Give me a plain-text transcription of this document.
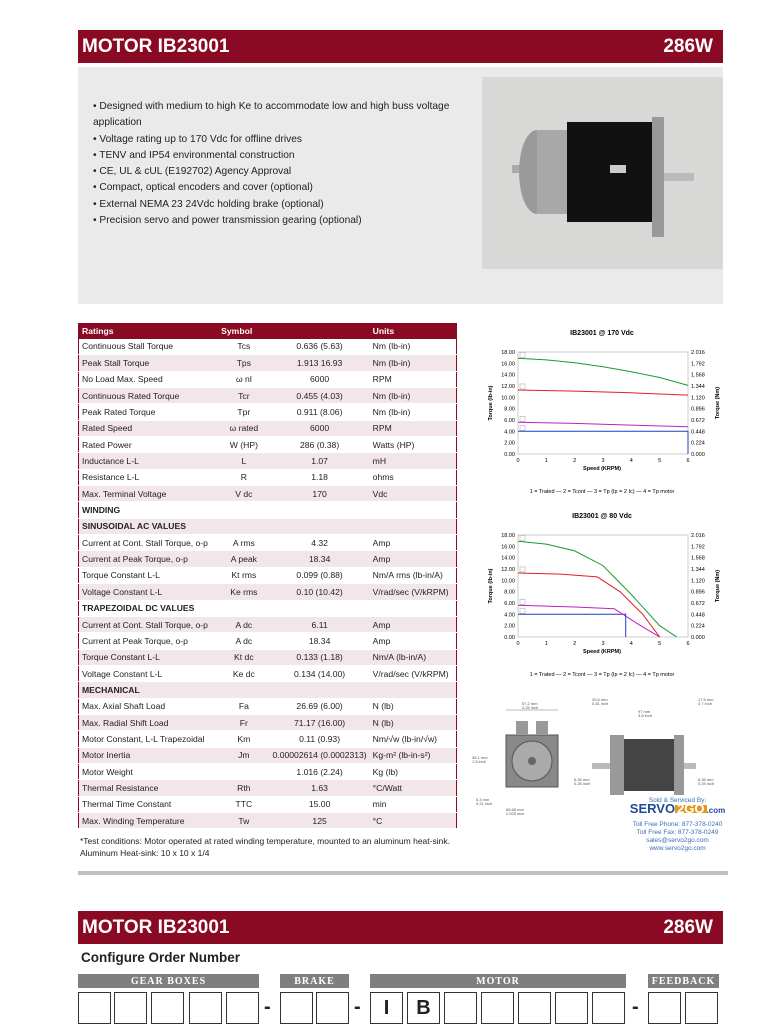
MOTOR IB23001	286W
• Designed with medium to high Ke to accommodate low and high buss voltage application
• Voltage rating up to 170 Vdc for offline drives
• TENV and IP54 environmental construction
• CE, UL & cUL (E192702) Agency Approval
• Compact, optical encoders and cover (optional)
• External NEMA 23 24Vdc holding brake (optional)
• Precision servo and power transmission gearing (optional)
Ratings	Symbol		Units
Continuous Stall Torque	Tcs	0.636 (5.63)	Nm (lb-in)
Peak Stall Torque	Tps	1.913 16.93	Nm (lb-in)
No Load Max. Speed	ω nl	6000	RPM
Continuous Rated Torque	Tcr	0.455 (4.03)	Nm (lb-in)
Peak Rated Torque	Tpr	0.911 (8.06)	Nm (lb-in)
Rated Speed	ω rated	6000	RPM
Rated Power	W (HP)	286 (0.38)	Watts (HP)
Inductance L-L	L	1.07	mH
Resistance L-L	R	1.18	ohms
Max. Terminal Voltage	V dc	170	Vdc
WINDING			
SINUSOIDAL AC VALUES			
Current at Cont. Stall Torque, o-p	A rms	4.32	Amp
Current at Peak Torque, o-p	A peak	18.34	Amp
Torque Constant L-L	Kt rms	0.099 (0.88)	Nm/A rms (lb-in/A)
Voltage Constant L-L	Ke rms	0.10 (10.42)	V/rad/sec (V/kRPM)
TRAPEZOIDAL DC VALUES			
Current at Cont. Stall Torque, o-p	A dc	6.11	Amp
Current at Peak Torque, o-p	A dc	18.34	Amp
Torque Constant L-L	Kt dc	0.133 (1.18)	Nm/A (lb-in/A)
Voltage Constant L-L	Ke dc	0.134 (14.00)	V/rad/sec (V/kRPM)
MECHANICAL			
Max. Axial Shaft Load	Fa	26.69 (6.00)	N (lb)
Max. Radial Shift Load	Fr	71.17 (16.00)	N (lb)
Motor Constant, L-L Trapezoidal	Km	0.11 (0.93)	Nm/√w (lb-in/√w)
Motor Inertia	Jm	0.00002614 (0.0002313)	Kg-m² (lb-in-s²)
Motor Weight		1.016 (2.24)	Kg (lb)
Thermal Resistance	Rth	1.63	°C/Watt
Thermal Time Constant	TTC	15.00	min
Max. Winding Temperature	Tw	125	°C
IB23001 @ 170 Vdc
0.00	0.000
2.00	0.224
4.00	0.448
6.00	0.672
8.00	0.896
10.00	1.120
12.00	1.344
14.00	1.568
16.00	1.792
18.00	2.016
0	1	2	3	4	5	6
Speed (KRPM)
Torque (lb-in)	Torque (Nm)
1 = Trated — 2 = Tcont — 3 = Tp (Ip = 2 Ic) — 4 = Tp motor
IB23001 @ 80 Vdc
0.00	0.000
2.00	0.224
4.00	0.448
6.00	0.672
8.00	0.896
10.00	1.120
12.00	1.344
14.00	1.568
16.00	1.792
18.00	2.016
0	1	2	3	4	5	6
Speed (KRPM)
Torque (lb-in)	Torque (Nm)
1 = Trated — 2 = Tcont — 3 = Tp (Ip = 2 Ic) — 4 = Tp motor
57.2 mm
2.25 inch
38.1 mm
1.5 inch
66.68 mm
2.625 inch
5.3 mm
0.21 inch
20.6 mm
0.81 inch
97 mm
3.8 inch
17.6 mm
0.7 inch
6.35 mm
0.25 inch
6.35 mm
0.25 inch
Sold & Serviced By:
SERVO 2GO .com
Toll Free Phone: 877-378-0240
Toll Free Fax: 877-378-0249
sales@servo2go.com
www.servo2go.com
*Test conditions: Motor operated at rated winding temperature, mounted to an aluminum heat-sink.
Aluminum Heat-sink: 10 x 10 x 1/4
MOTOR IB23001	286W
Configure Order Number
GEAR BOXES	BRAKE	MOTOR	FEEDBACK
-	-	I	B	-
